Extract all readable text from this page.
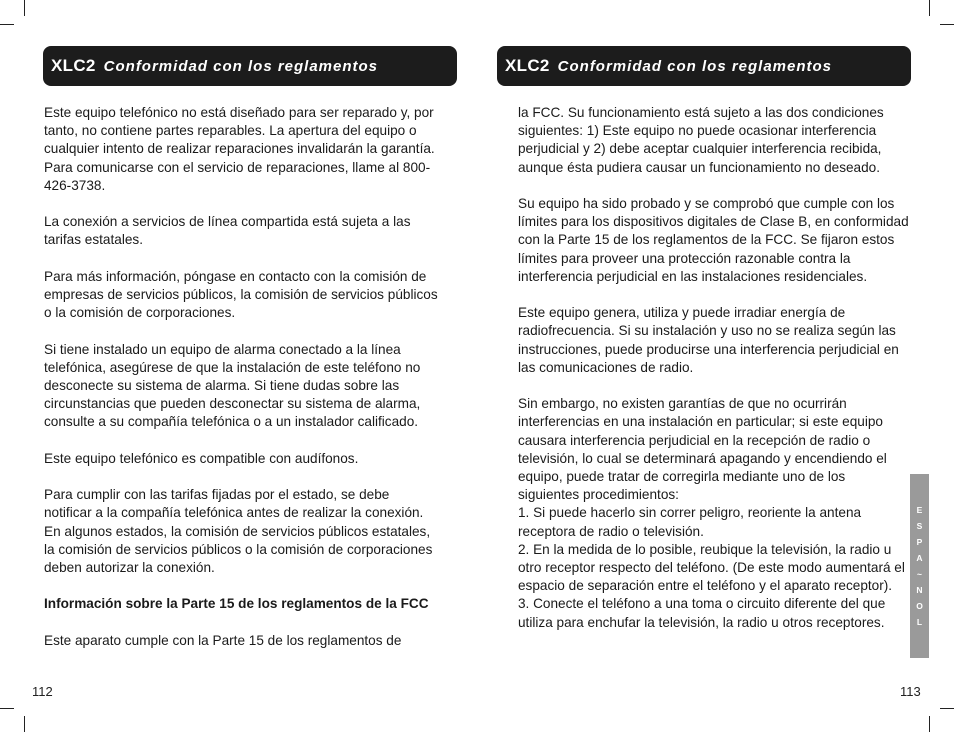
XLC2 Conformidad con los reglamentos

Este equipo telefónico no está diseñado para ser reparado y, por tanto, no contiene partes reparables. La apertura del equipo o cualquier intento de realizar reparaciones invalidarán la garantía. Para comunicarse con el servicio de reparaciones, llame al 800-426-3738.

La conexión a servicios de línea compartida está sujeta a las tarifas estatales.

Para más información, póngase en contacto con la comisión de empresas de servicios públicos, la comisión de servicios públicos o la comisión de corporaciones.

Si tiene instalado un equipo de alarma conectado a la línea telefónica, asegúrese de que la instalación de este teléfono no desconecte su sistema de alarma. Si tiene dudas sobre las circunstancias que pueden desconectar su sistema de alarma, consulte a su compañía telefónica o a un instalador calificado.

Este equipo telefónico es compatible con audífonos.

Para cumplir con las tarifas fijadas por el estado, se debe notificar a la compañía telefónica antes de realizar la conexión. En algunos estados, la comisión de servicios públicos estatales, la comisión de servicios públicos o la comisión de corporaciones deben autorizar la conexión.

Información sobre la Parte 15 de los reglamentos de la FCC

Este aparato cumple con la Parte 15 de los reglamentos de

112
XLC2 Conformidad con los reglamentos

la FCC. Su funcionamiento está sujeto a las dos condiciones siguientes: 1) Este equipo no puede ocasionar interferencia perjudicial y 2) debe aceptar cualquier interferencia recibida, aunque ésta pudiera causar un funcionamiento no deseado.

Su equipo ha sido probado y se comprobó que cumple con los límites para los dispositivos digitales de Clase B, en conformidad con la Parte 15 de los reglamentos de la FCC. Se fijaron estos límites para proveer una protección razonable contra la interferencia perjudicial en las instalaciones residenciales.

Este equipo genera, utiliza y puede irradiar energía de radiofrecuencia. Si su instalación y uso no se realiza según las instrucciones, puede producirse una interferencia perjudicial en las comunicaciones de radio.

Sin embargo, no existen garantías de que no ocurrirán interferencias en una instalación en particular; si este equipo causara interferencia perjudicial en la recepción de radio o televisión, lo cual se determinará apagando y encendiendo el equipo, puede tratar de corregirla mediante uno de los siguientes procedimientos:

1. Si puede hacerlo sin correr peligro, reoriente la antena receptora de radio o televisión.

2. En la medida de lo posible, reubique la televisión, la radio u otro receptor respecto del teléfono. (De este modo aumentará el espacio de separación entre el teléfono y el aparato receptor).

3. Conecte el teléfono a una toma o circuito diferente del que utiliza para enchufar la televisión, la radio u otros receptores.

113
E
S
P
A
~
N
O
L
